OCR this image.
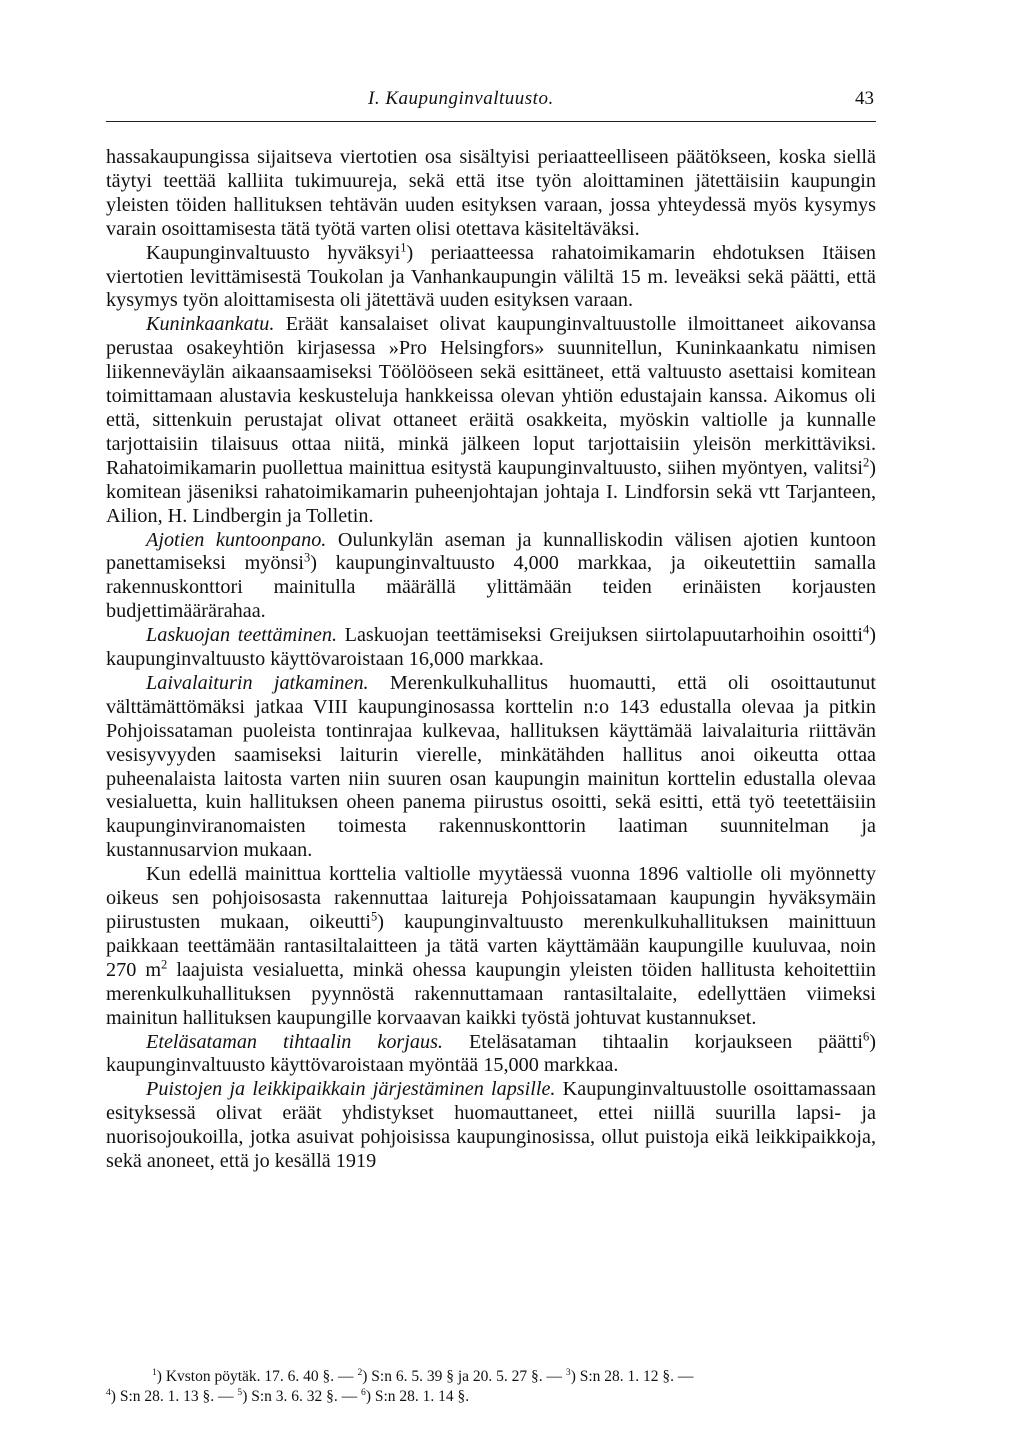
I. Kaupunginvaltuusto.	43

hassakaupungissa sijaitseva viertotien osa sisältyisi periaatteelliseen päätökseen, koska siellä täytyi teettää kalliita tukimuureja, sekä että itse työn aloittaminen jätettäisiin kaupungin yleisten töiden hallituksen tehtävän uuden esityksen varaan, jossa yhteydessä myös kysymys varain osoittamisesta tätä työtä varten olisi otettava käsiteltäväksi.

Kaupunginvaltuusto hyväksyi$^1$) periaatteessa rahatoimikamarin ehdotuksen Itäisen viertotien levittämisestä Toukolan ja Vanhankaupungin väliltä 15 m. leveäksi sekä päätti, että kysymys työn aloittamisesta oli jätettävä uuden esityksen varaan.

Kuninkaankatu. Eräät kansalaiset olivat kaupunginvaltuustolle ilmoittaneet aikovansa perustaa osakeyhtiön kirjasessa »Pro Helsingfors» suunnitellun, Kuninkaankatu nimisen liikenneväylän aikaansaamiseksi Töölööseen sekä esittäneet, että valtuusto asettaisi komitean toimittamaan alustavia keskusteluja hankkeissa olevan yhtiön edustajain kanssa. Aikomus oli että, sittenkuin perustajat olivat ottaneet eräitä osakkeita, myöskin valtiolle ja kunnalle tarjottaisiin tilaisuus ottaa niitä, minkä jälkeen loput tarjottaisiin yleisön merkittäviksi. Rahatoimikamarin puollettua mainittua esitystä kaupunginvaltuusto, siihen myöntyen, valitsi$^2$) komitean jäseniksi rahatoimikamarin puheenjohtajan johtaja I. Lindforsin sekä vtt Tarjanteen, Ailion, H. Lindbergin ja Tolletin.

Ajotien kuntoonpano. Oulunkylän aseman ja kunnalliskodin välisen ajotien kuntoon panettamiseksi myönsi$^3$) kaupunginvaltuusto 4,000 markkaa, ja oikeutettiin samalla rakennuskonttori mainitulla määrällä ylittämään teiden erinäisten korjausten budjettimäärärahaa.

Laskuojan teettäminen. Laskuojan teettämiseksi Greijuksen siirtolapuutarhoihin osoitti$^4$) kaupunginvaltuusto käyttövaroistaan 16,000 markkaa.

Laivalaiturin jatkaminen. Merenkulkuhallitus huomautti, että oli osoittautunut välttämättömäksi jatkaa VIII kaupunginosassa korttelin n:o 143 edustalla olevaa ja pitkin Pohjoissataman puoleista tontinrajaa kulkevaa, hallituksen käyttämää laivalaituria riittävän vesisyvyyden saamiseksi laiturin vierelle, minkätähden hallitus anoi oikeutta ottaa puheenalaista laitosta varten niin suuren osan kaupungin mainitun korttelin edustalla olevaa vesialuetta, kuin hallituksen oheen panema piirustus osoitti, sekä esitti, että työ teetettäisiin kaupunginviranomaisten toimesta rakennuskonttorin laatiman suunnitelman ja kustannusarvion mukaan.

Kun edellä mainittua korttelia valtiolle myytäessä vuonna 1896 valtiolle oli myönnetty oikeus sen pohjoisosasta rakennuttaa laitureja Pohjoissatamaan kaupungin hyväksymäin piirustusten mukaan, oikeutti$^5$) kaupunginvaltuusto merenkulkuhallituksen mainittuun paikkaan teettämään rantasiltalaitteen ja tätä varten käyttämään kaupungille kuuluvaa, noin 270 $m^2$ laajuista vesialuetta, minkä ohessa kaupungin yleisten töiden hallitusta kehoitettiin merenkulkuhallituksen pyynnöstä rakennuttamaan rantasiltalaite, edellyttäen viimeksi mainitun hallituksen kaupungille korvaavan kaikki työstä johtuvat kustannukset.

Eteläsataman tihtaalin korjaus. Eteläsataman tihtaalin korjaukseen päätti$^6$) kaupunginvaltuusto käyttövaroistaan myöntää 15,000 markkaa.

Puistojen ja leikkipaikkain järjestäminen lapsille. Kaupunginvaltuustolle osoittamassaan esityksessä olivat eräät yhdistykset huomauttaneet, ettei niillä suurilla lapsi- ja nuorisojoukoilla, jotka asuivat pohjoisissa kaupunginosissa, ollut puistoja eikä leikkipaikkoja, sekä anoneet, että jo kesällä 1919

$^1$) Kvston pöytäk. 17. 6. 40 §. — $^2$) S:n 6. 5. 39 § ja 20. 5. 27 §. — $^3$) S:n 28. 1. 12 §. —

$^4$) S:n 28. 1. 13 §. — $^5$) S:n 3. 6. 32 §. — $^6$) S:n 28. 1. 14 §.
